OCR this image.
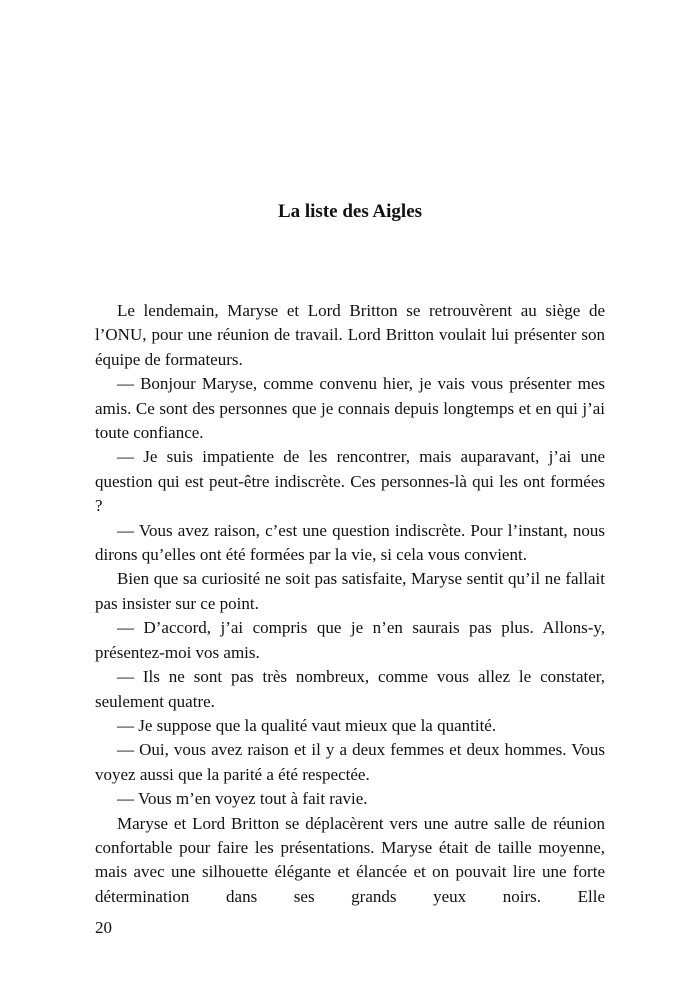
La liste des Aigles

Le lendemain, Maryse et Lord Britton se retrouvèrent au siège de l’ONU, pour une réunion de travail. Lord Britton voulait lui présenter son équipe de formateurs.

— Bonjour Maryse, comme convenu hier, je vais vous présenter mes amis. Ce sont des personnes que je connais depuis longtemps et en qui j’ai toute confiance.

— Je suis impatiente de les rencontrer, mais auparavant, j’ai une question qui est peut-être indiscrète. Ces personnes-là qui les ont formées ?

— Vous avez raison, c’est une question indiscrète. Pour l’instant, nous dirons qu’elles ont été formées par la vie, si cela vous convient.

Bien que sa curiosité ne soit pas satisfaite, Maryse sentit qu’il ne fallait pas insister sur ce point.

— D’accord, j’ai compris que je n’en saurais pas plus. Allons-y, présentez-moi vos amis.

— Ils ne sont pas très nombreux, comme vous allez le constater, seulement quatre.

— Je suppose que la qualité vaut mieux que la quantité.

— Oui, vous avez raison et il y a deux femmes et deux hommes. Vous voyez aussi que la parité a été respectée.

— Vous m’en voyez tout à fait ravie.

Maryse et Lord Britton se déplacèrent vers une autre salle de réunion confortable pour faire les présentations. Maryse était de taille moyenne, mais avec une silhouette élégante et élancée et on pouvait lire une forte détermination dans ses grands yeux noirs. Elle

20
